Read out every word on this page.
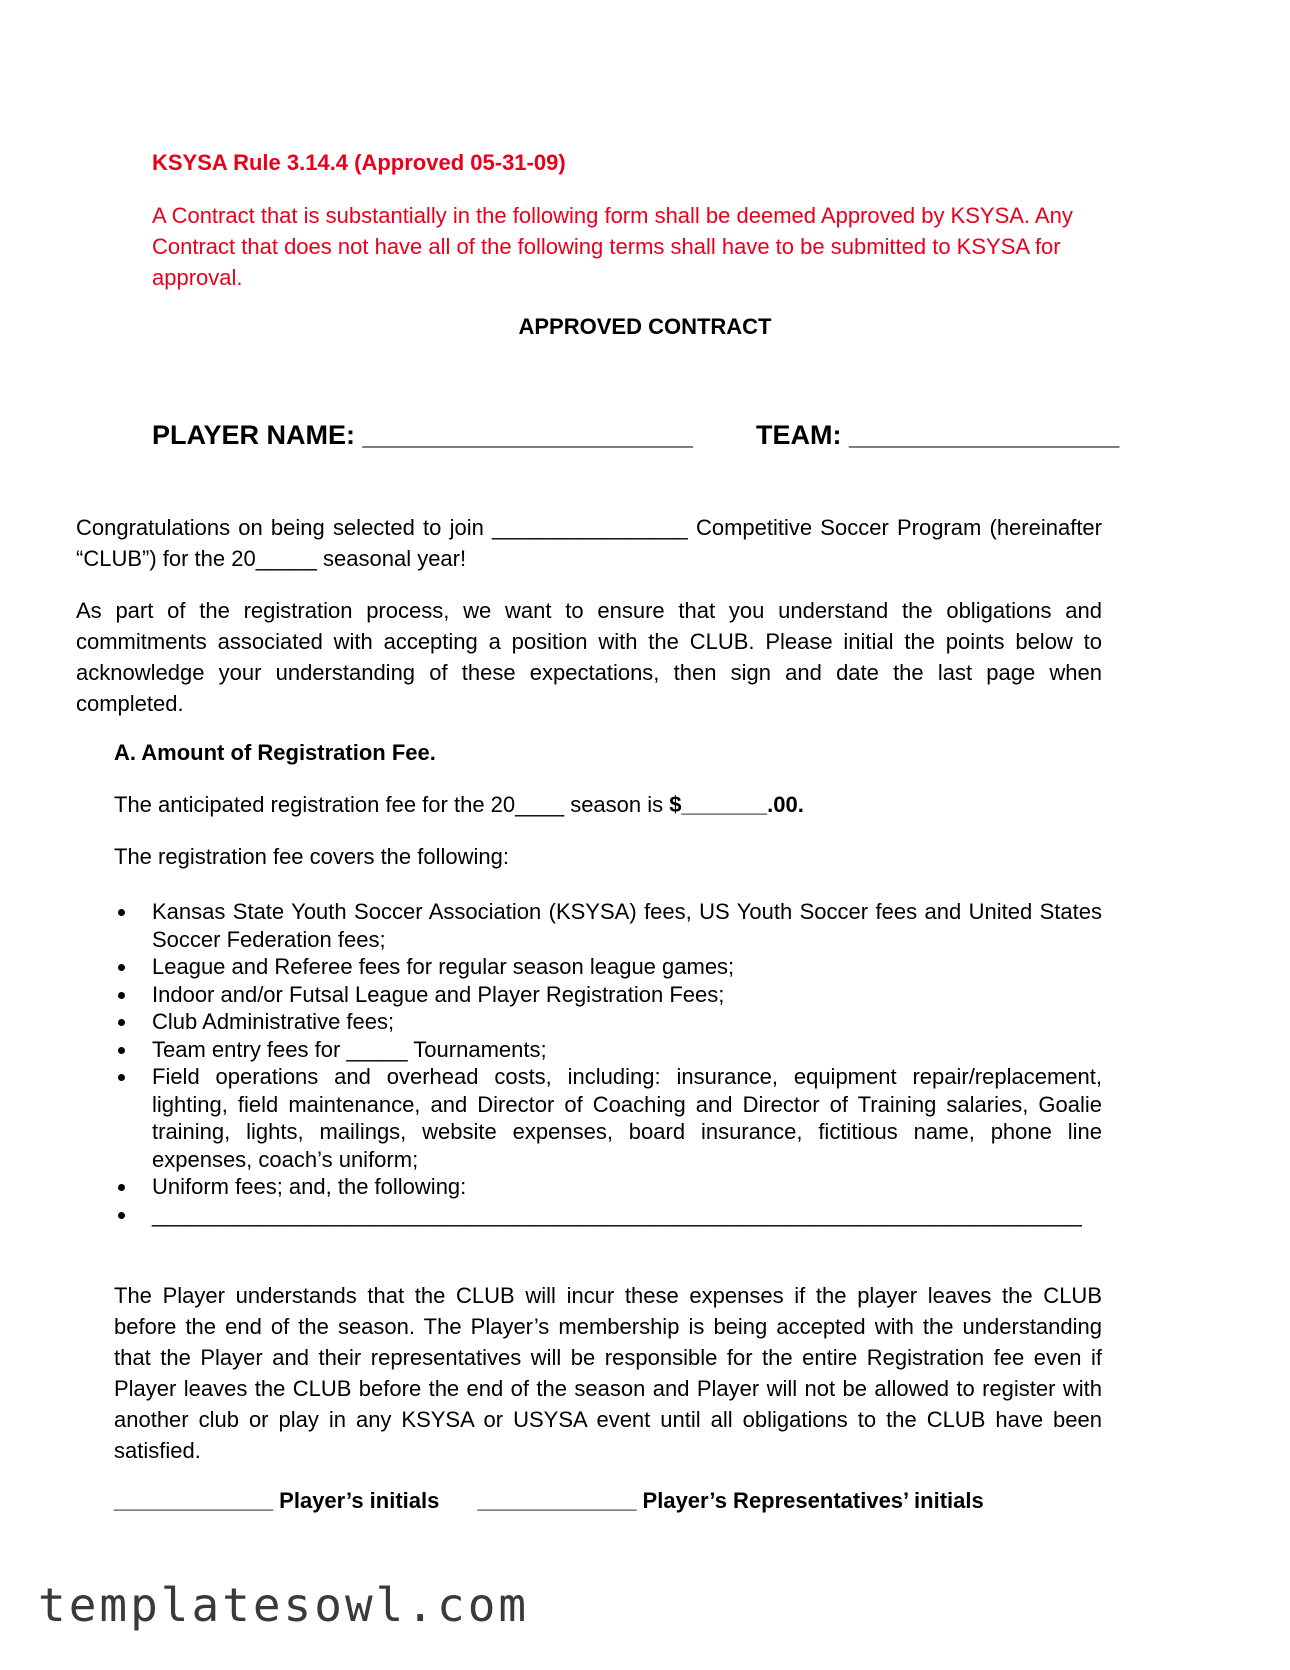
KSYSA Rule 3.14.4 (Approved 05-31-09)
A Contract that is substantially in the following form shall be deemed Approved by KSYSA. Any Contract that does not have all of the following terms shall have to be submitted to KSYSA for approval.
APPROVED CONTRACT
PLAYER NAME: ______________________ TEAM: __________________
Congratulations on being selected to join ________________ Competitive Soccer Program (hereinafter “CLUB”) for the 20_____ seasonal year!
As part of the registration process, we want to ensure that you understand the obligations and commitments associated with accepting a position with the CLUB. Please initial the points below to acknowledge your understanding of these expectations, then sign and date the last page when completed.
A. Amount of Registration Fee.
The anticipated registration fee for the 20____ season is $_______.00.
The registration fee covers the following:
Kansas State Youth Soccer Association (KSYSA) fees, US Youth Soccer fees and United States Soccer Federation fees;
League and Referee fees for regular season league games;
Indoor and/or Futsal League and Player Registration Fees;
Club Administrative fees;
Team entry fees for _____ Tournaments;
Field operations and overhead costs, including: insurance, equipment repair/replacement, lighting, field maintenance, and Director of Coaching and Director of Training salaries, Goalie training, lights, mailings, website expenses, board insurance, fictitious name, phone line expenses, coach’s uniform;
Uniform fees; and, the following:
____________________________________________________________________________
The Player understands that the CLUB will incur these expenses if the player leaves the CLUB before the end of the season. The Player’s membership is being accepted with the understanding that the Player and their representatives will be responsible for the entire Registration fee even if Player leaves the CLUB before the end of the season and Player will not be allowed to register with another club or play in any KSYSA or USYSA event until all obligations to the CLUB have been satisfied.
_____________ Player’s initials _____________ Player’s Representatives’ initials
templatesowl.com
